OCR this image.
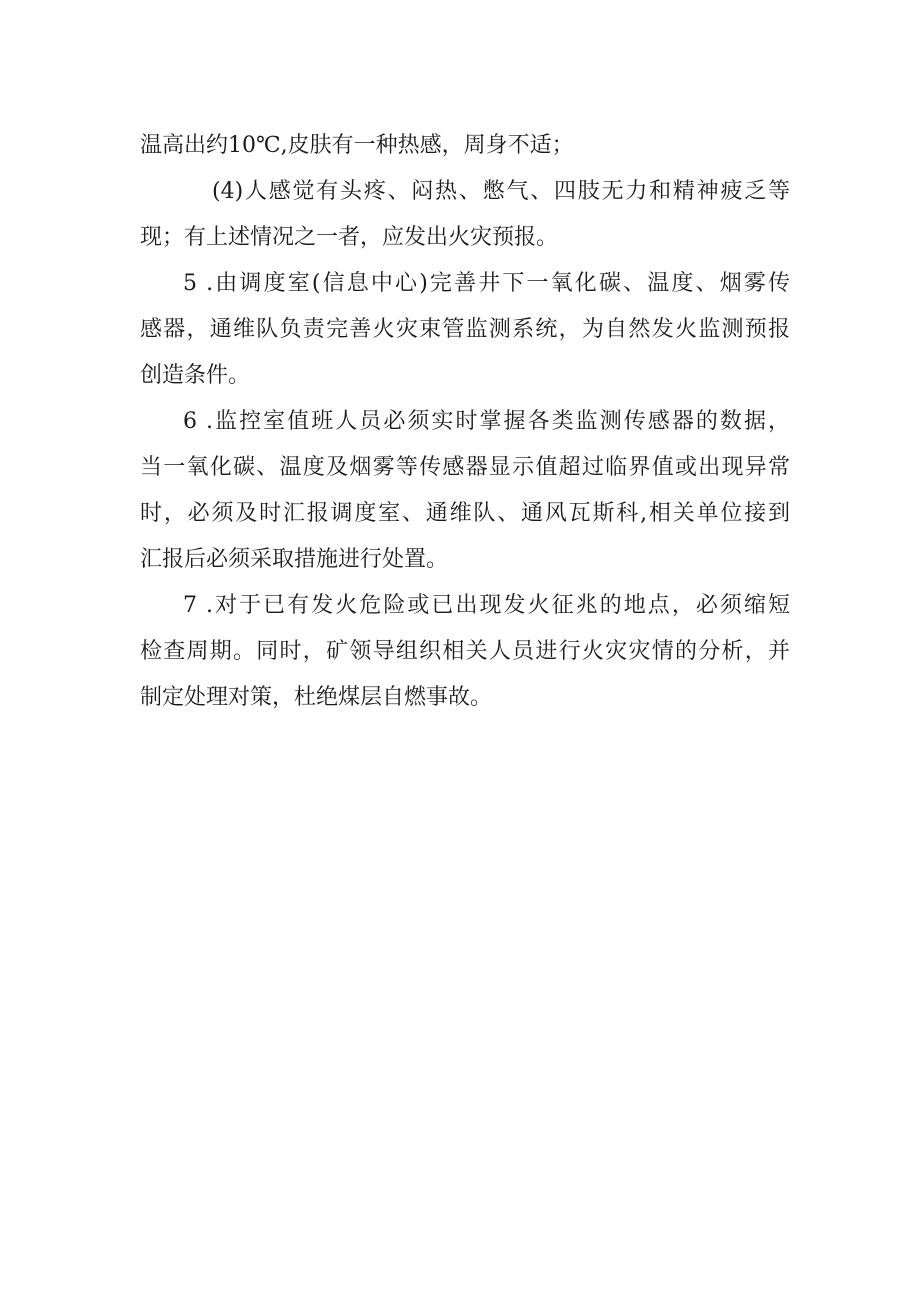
温高出约10℃,皮肤有一种热感，周身不适；
(4)人感觉有头疼、闷热、憋气、四肢无力和精神疲乏等
现；有上述情况之一者，应发出火灾预报。
5 .由调度室(信息中心)完善井下一氧化碳、温度、烟雾传
感器，通维队负责完善火灾束管监测系统，为自然发火监测预报
创造条件。
6 .监控室值班人员必须实时掌握各类监测传感器的数据，
当一氧化碳、温度及烟雾等传感器显示值超过临界值或出现异常
时，必须及时汇报调度室、通维队、通风瓦斯科,相关单位接到
汇报后必须采取措施进行处置。
7 .对于已有发火危险或已出现发火征兆的地点，必须缩短
检查周期。同时，矿领导组织相关人员进行火灾灾情的分析，并
制定处理对策，杜绝煤层自燃事故。
